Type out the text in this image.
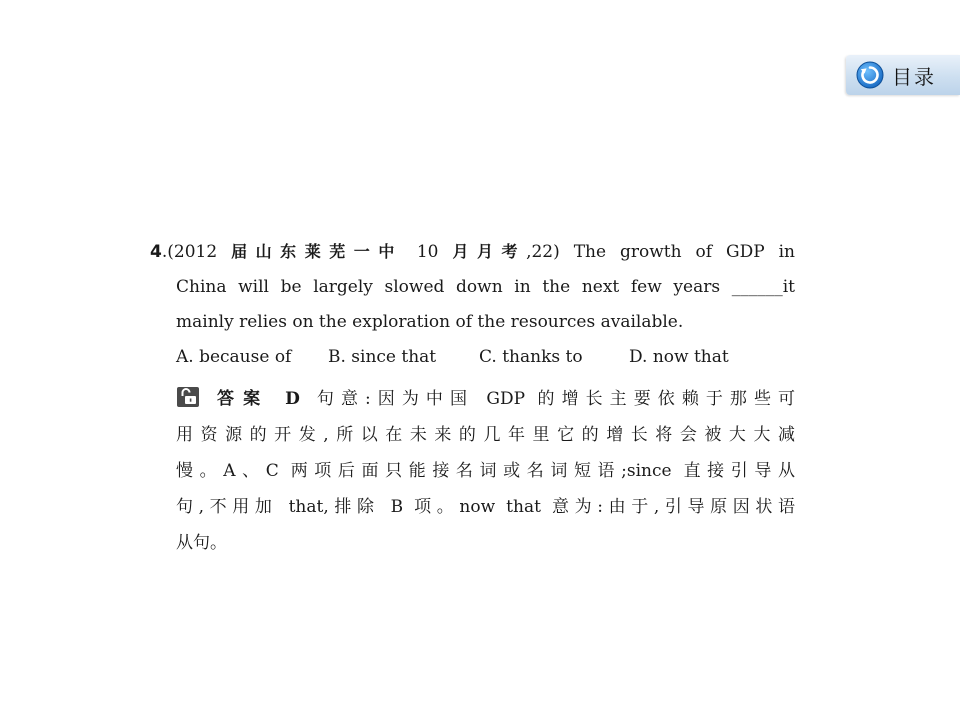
目录
4.(2012 届山东莱芜一中 10 月月考,22) The growth of GDP in
China will be largely slowed down in the next few years ______it
mainly relies on the exploration of the resources available.
A. because of	B. since that	C. thanks to	D. now that
答案 D 句意:因为中国 GDP 的增长主要依赖于那些可
用资源的开发,所以在未来的几年里它的增长将会被大大减
慢。A、C 两项后面只能接名词或名词短语;since 直接引导从
句,不用加 that,排除 B 项。now that 意为:由于,引导原因状语
从句。
